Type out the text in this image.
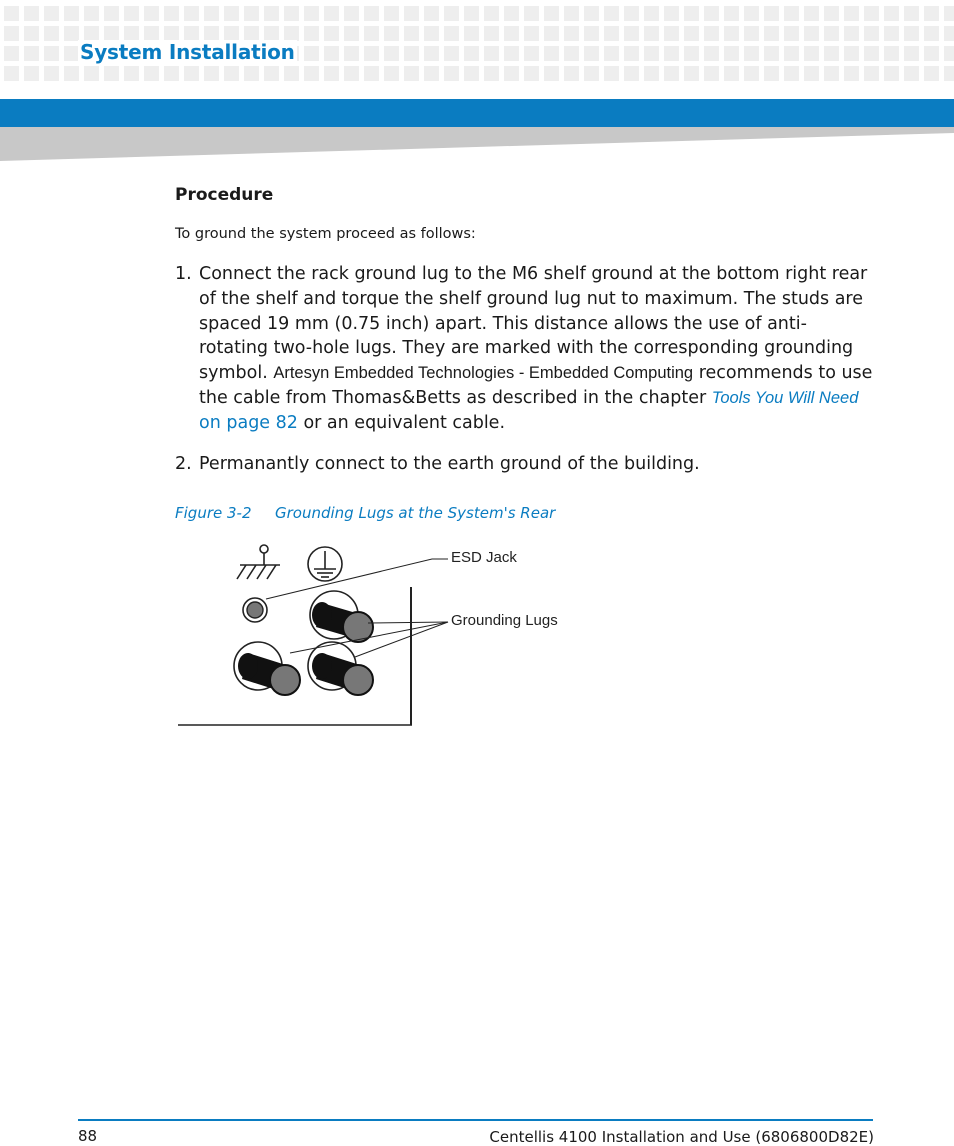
System Installation
Procedure
To ground the system proceed as follows:
1. Connect the rack ground lug to the M6 shelf ground at the bottom right rear of the shelf and torque the shelf ground lug nut to maximum. The studs are spaced 19 mm (0.75 inch) apart. This distance allows the use of anti-rotating two-hole lugs. They are marked with the corresponding grounding symbol. Artesyn Embedded Technologies - Embedded Computing recommends to use the cable from Thomas&Betts as described in the chapter Tools You Will Need on page 82 or an equivalent cable.
2. Permanantly connect to the earth ground of the building.
Figure 3-2 Grounding Lugs at the System's Rear
ESD Jack
Grounding Lugs
88	Centellis 4100 Installation and Use (6806800D82E)
